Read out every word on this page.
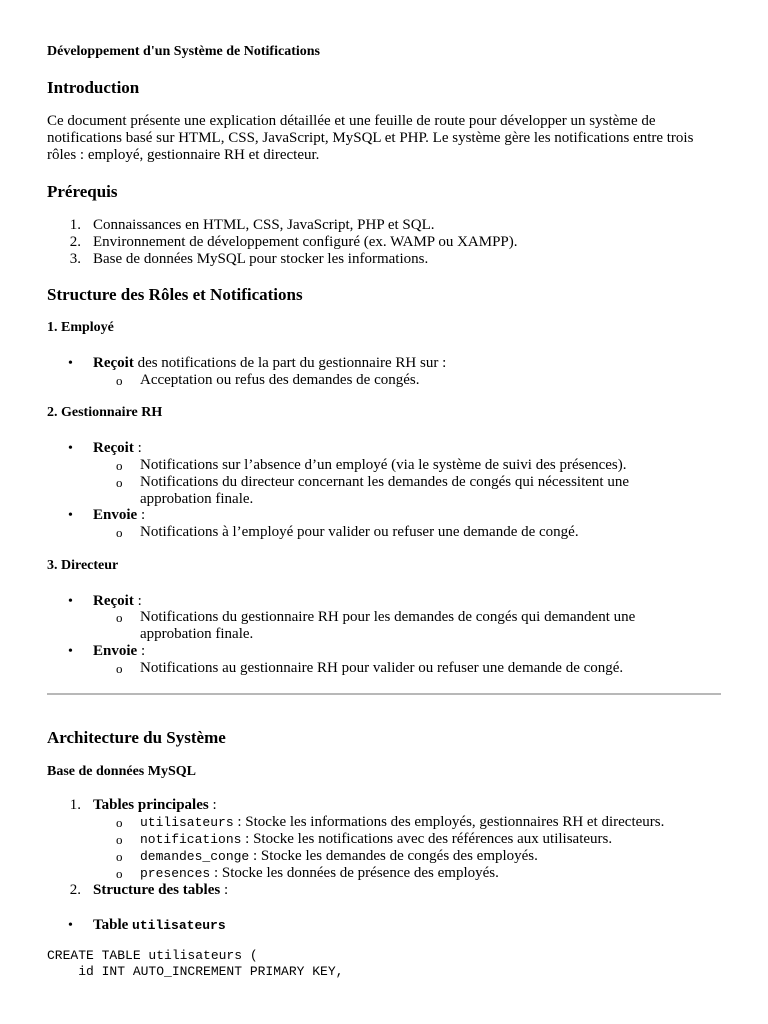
Développement d'un Système de Notifications
Introduction
Ce document présente une explication détaillée et une feuille de route pour développer un système de notifications basé sur HTML, CSS, JavaScript, MySQL et PHP. Le système gère les notifications entre trois rôles : employé, gestionnaire RH et directeur.
Prérequis
1. Connaissances en HTML, CSS, JavaScript, PHP et SQL.
2. Environnement de développement configuré (ex. WAMP ou XAMPP).
3. Base de données MySQL pour stocker les informations.
Structure des Rôles et Notifications
1. Employé
• Reçoit des notifications de la part du gestionnaire RH sur :
o Acceptation ou refus des demandes de congés.
2. Gestionnaire RH
• Reçoit :
o Notifications sur l’absence d’un employé (via le système de suivi des présences).
o Notifications du directeur concernant les demandes de congés qui nécessitent une
approbation finale.
• Envoie :
o Notifications à l’employé pour valider ou refuser une demande de congé.
3. Directeur
• Reçoit :
o Notifications du gestionnaire RH pour les demandes de congés qui demandent une
approbation finale.
• Envoie :
o Notifications au gestionnaire RH pour valider ou refuser une demande de congé.
Architecture du Système
Base de données MySQL
1. Tables principales :
o utilisateurs : Stocke les informations des employés, gestionnaires RH et directeurs.
o notifications : Stocke les notifications avec des références aux utilisateurs.
o demandes_conge : Stocke les demandes de congés des employés.
o presences : Stocke les données de présence des employés.
2. Structure des tables :
• Table utilisateurs
CREATE TABLE utilisateurs (
id INT AUTO_INCREMENT PRIMARY KEY,
